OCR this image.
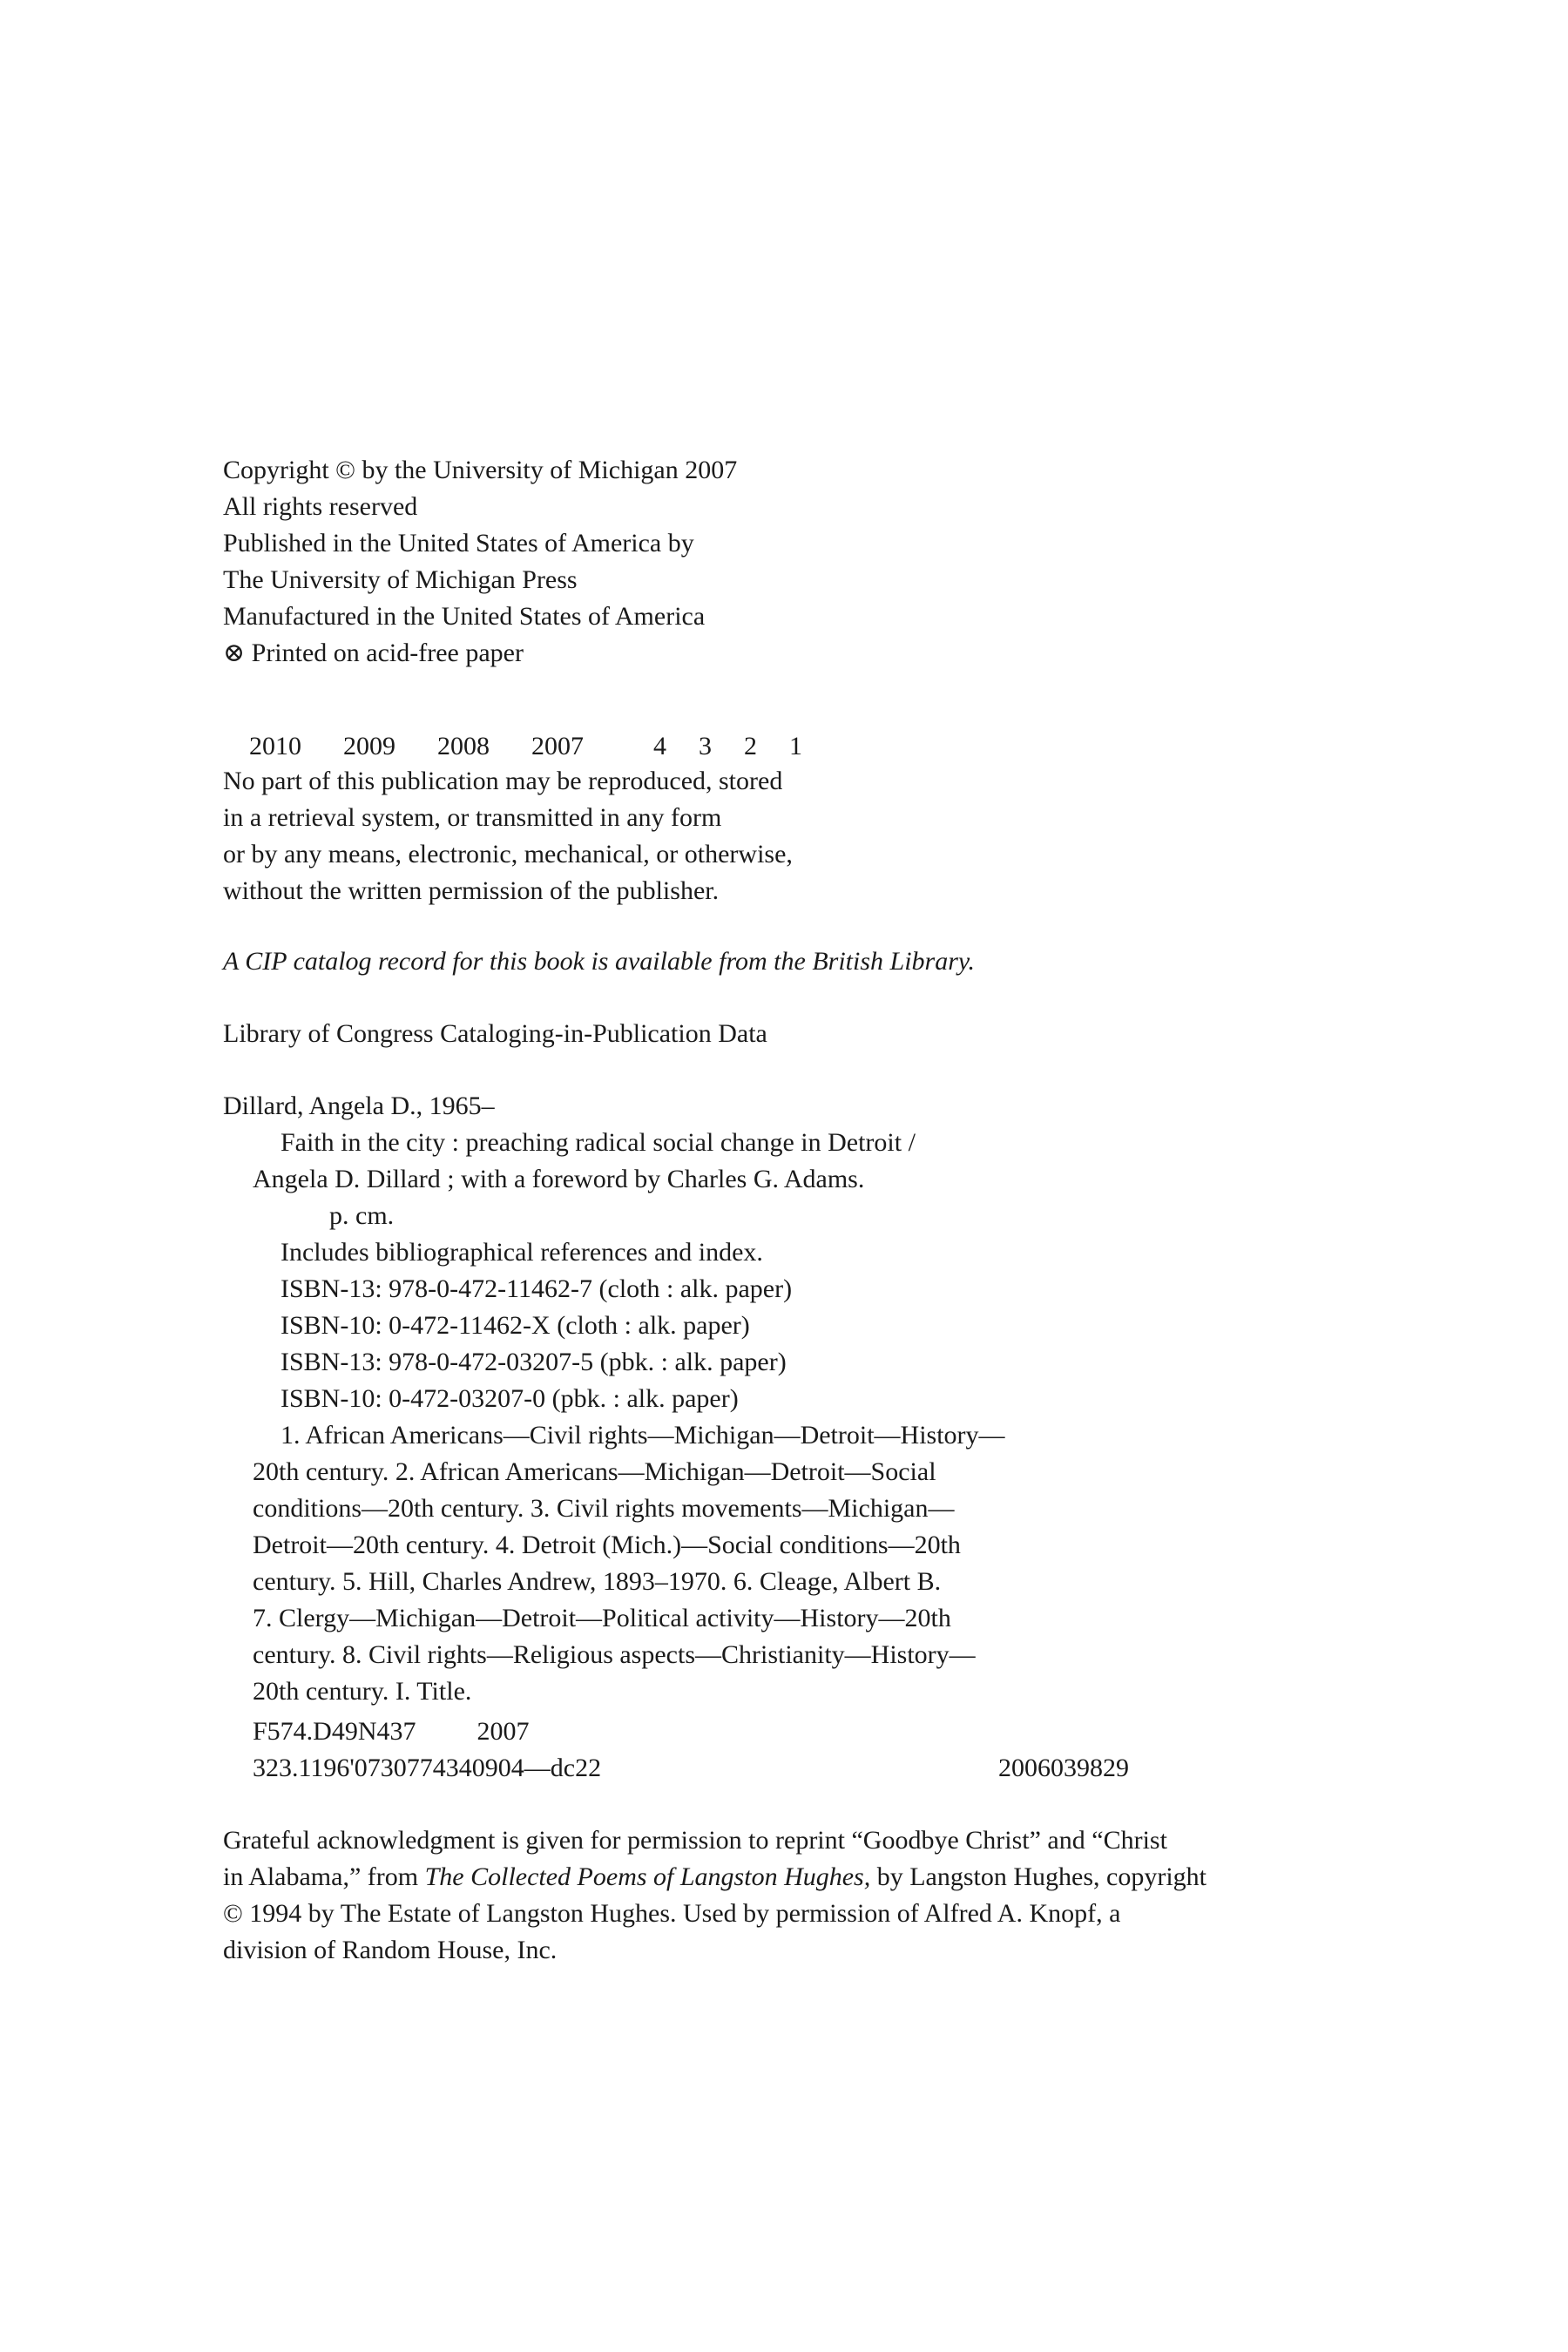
Copyright © by the University of Michigan 2007
All rights reserved
Published in the United States of America by
The University of Michigan Press
Manufactured in the United States of America
⊗ Printed on acid-free paper

2010 2009 2008 2007	4 3 2 1

No part of this publication may be reproduced, stored
in a retrieval system, or transmitted in any form
or by any means, electronic, mechanical, or otherwise,
without the written permission of the publisher.
A CIP catalog record for this book is available from the British Library.
Library of Congress Cataloging-in-Publication Data
Dillard, Angela D., 1965–
Faith in the city : preaching radical social change in Detroit /
Angela D. Dillard ; with a foreword by Charles G. Adams.
p. cm.
Includes bibliographical references and index.
ISBN-13: 978-0-472-11462-7 (cloth : alk. paper)
ISBN-10: 0-472-11462-X (cloth : alk. paper)
ISBN-13: 978-0-472-03207-5 (pbk. : alk. paper)
ISBN-10: 0-472-03207-0 (pbk. : alk. paper)
1. African Americans—Civil rights—Michigan—Detroit—History—
20th century. 2. African Americans—Michigan—Detroit—Social
conditions—20th century. 3. Civil rights movements—Michigan—
Detroit—20th century. 4. Detroit (Mich.)—Social conditions—20th
century. 5. Hill, Charles Andrew, 1893–1970. 6. Cleage, Albert B.
7. Clergy—Michigan—Detroit—Political activity—History—20th
century. 8. Civil rights—Religious aspects—Christianity—History—
20th century. I. Title.
F574.D49N437 2007
323.1196'0730774340904—dc22	2006039829
Grateful acknowledgment is given for permission to reprint “Goodbye Christ” and “Christ
in Alabama,” from The Collected Poems of Langston Hughes, by Langston Hughes, copyright
© 1994 by The Estate of Langston Hughes. Used by permission of Alfred A. Knopf, a
division of Random House, Inc.
